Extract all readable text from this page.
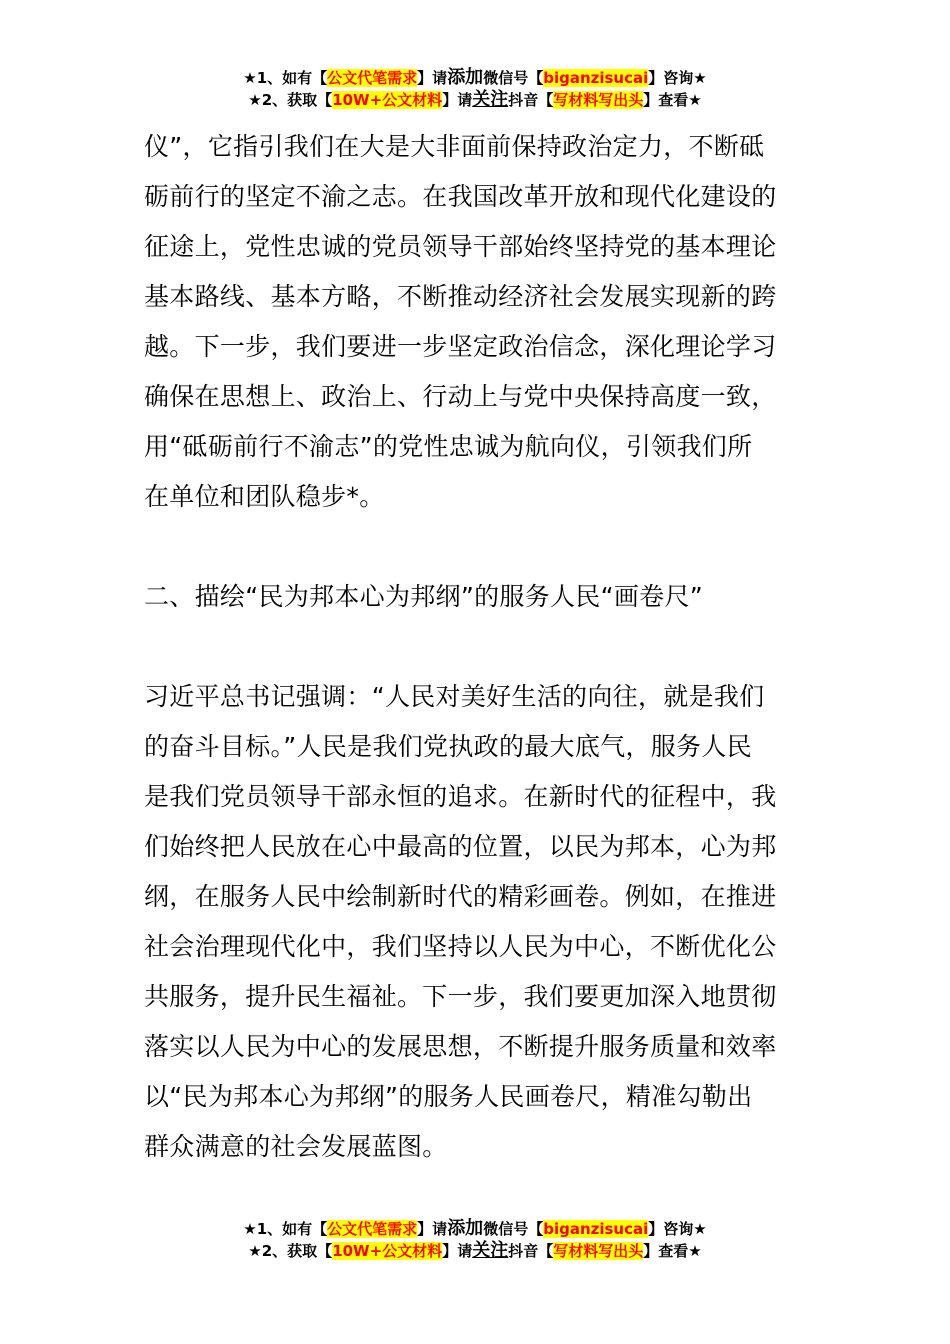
★1、如有【公文代笔需求】请添加微信号【biganzisucai】咨询★
★2、获取【10W+公文材料】请关注抖音【写材料写出头】查看★

仪”，它指引我们在大是大非面前保持政治定力，不断砥
砺前行的坚定不渝之志。在我国改革开放和现代化建设的
征途上，党性忠诚的党员领导干部始终坚持党的基本理论
基本路线、基本方略，不断推动经济社会发展实现新的跨
越。下一步，我们要进一步坚定政治信念，深化理论学习
确保在思想上、政治上、行动上与党中央保持高度一致，
用“砥砺前行不渝志”的党性忠诚为航向仪，引领我们所
在单位和团队稳步*。

二、描绘“民为邦本心为邦纲”的服务人民“画卷尺”

习近平总书记强调：“人民对美好生活的向往，就是我们
的奋斗目标。”人民是我们党执政的最大底气，服务人民
是我们党员领导干部永恒的追求。在新时代的征程中，我
们始终把人民放在心中最高的位置，以民为邦本，心为邦
纲，在服务人民中绘制新时代的精彩画卷。例如，在推进
社会治理现代化中，我们坚持以人民为中心，不断优化公
共服务，提升民生福祉。下一步，我们要更加深入地贯彻
落实以人民为中心的发展思想，不断提升服务质量和效率
以“民为邦本心为邦纲”的服务人民画卷尺，精准勾勒出
群众满意的社会发展蓝图。

★1、如有【公文代笔需求】请添加微信号【biganzisucai】咨询★
★2、获取【10W+公文材料】请关注抖音【写材料写出头】查看★
